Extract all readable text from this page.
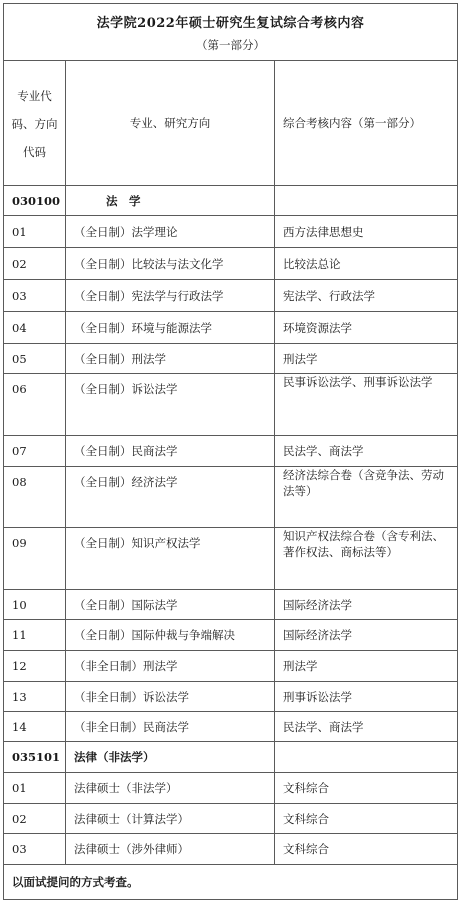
法学院2022年硕士研究生复试综合考核内容
（第一部分）		

专业代码、方向代码	专业、研究方向	综合考核内容（第一部分）
030100	法　学	
01	（全日制）法学理论	西方法律思想史
02	（全日制）比较法与法文化学	比较法总论
03	（全日制）宪法学与行政法学	宪法学、行政法学
04	（全日制）环境与能源法学	环境资源法学
05	（全日制）刑法学	刑法学
06	（全日制）诉讼法学	民事诉讼法学、刑事诉讼法学
07	（全日制）民商法学	民法学、商法学
08	（全日制）经济法学	经济法综合卷（含竞争法、劳动法等）
09	（全日制）知识产权法学	知识产权法综合卷（含专利法、著作权法、商标法等）
10	（全日制）国际法学	国际经济法学
11	（全日制）国际仲裁与争端解决	国际经济法学
12	（非全日制）刑法学	刑法学
13	（非全日制）诉讼法学	刑事诉讼法学
14	（非全日制）民商法学	民法学、商法学
035101	法律（非法学）	
01	法律硕士（非法学）	文科综合
02	法律硕士（计算法学）	文科综合
03	法律硕士（涉外律师）	文科综合
以面试提问的方式考查。		
